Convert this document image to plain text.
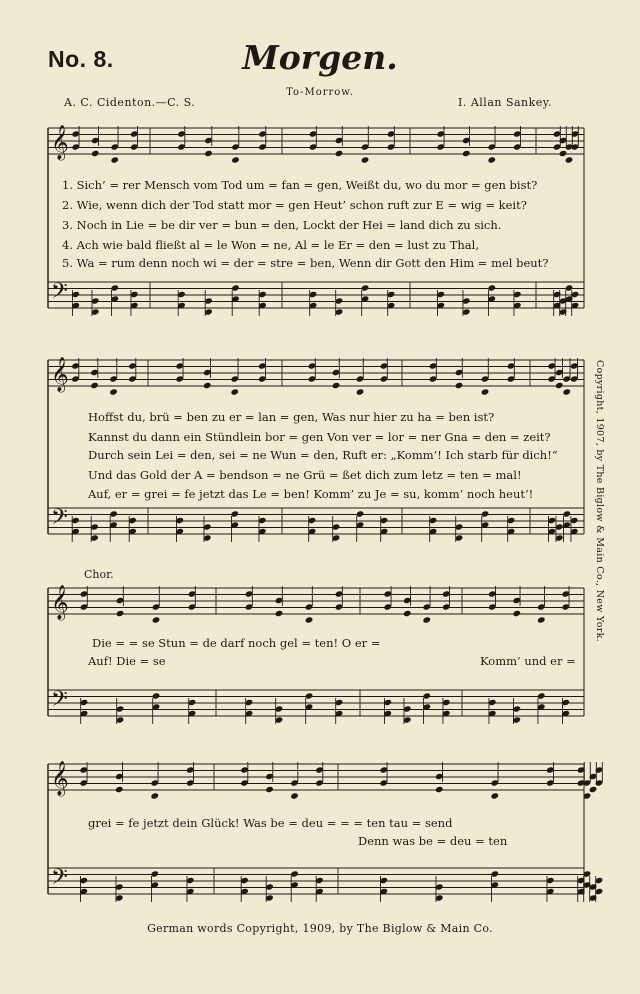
No. 8.	Morgen.
To-Morrow.
A. C. Cidenton.—C. S.	I. Allan Sankey.
𝄞
𝄢
𝄞
𝄢
𝄞
𝄢
𝄞
𝄢
1. Sich’ = rer Mensch vom Tod um = fan = gen, Weißt du, wo du mor = gen bist?
2. Wie, wenn dich der Tod statt mor = gen Heut’ schon ruft zur E = wig = keit?
3. Noch in Lie = be dir ver = bun = den, Lockt der Hei = land dich zu sich.
4. Ach wie bald fließt al = le Won = ne, Al = le Er = den = lust zu Thal,
5. Wa = rum denn noch wi = der = stre = ben, Wenn dir Gott den Him = mel beut?
Hoffst du, brü = ben zu er = lan = gen, Was nur hier zu ha = ben ist?
Kannst du dann ein Stündlein bor = gen Von ver = lor = ner Gna = den = zeit?
Durch sein Lei = den, sei = ne Wun = den, Ruft er: „Komm’! Ich starb für dich!“
Und das Gold der A = bendson = ne Grü = ßet dich zum letz = ten = mal!
Auf, er = grei = fe jetzt das Le = ben! Komm’ zu Je = su, komm’ noch heut’!
Chor.
Die = = se Stun = de darf noch gel = ten! O er =
Auf! Die = se	Komm’ und er =
grei = fe jetzt dein Glück! Was be = deu = = = ten tau = send
Denn was be = deu = ten
Copyright, 1907, by The Biglow & Main Co., New York.
German words Copyright, 1909, by The Biglow & Main Co.
